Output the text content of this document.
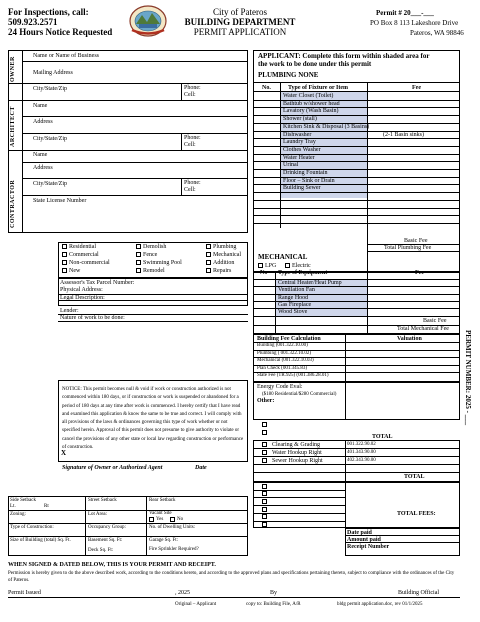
For Inspections, call:
509.923.2571
24 Hours Notice Requested
City of Pateros
BUILDING DEPARTMENT
PERMIT APPLICATION
Permit # 20___-___
PO Box 8 113 Lakeshore Drive
Pateros, WA 98846
OWNER
ARCHITECT
CONTRACTOR
Name or Name of Business
Mailing Address
City/State/Zip	Phone:
Cell:
Name
Address
City/State/Zip	Phone:
Cell:
Name
Address
City/State/Zip	Phone:
Cell:
State License Number
Residential	Demolish	Plumbing
Commercial	Fence	Mechanical
Non-commercial	Swimming Pool	Addition
New	Remodel	Repairs
Assessor's Tax Parcel Number:
Physical Address:
Legal Description:
Lender:
Nature of work to be done:
NOTICE: This permit becomes null & void if work or construction authorized is not commenced within 180 days, or if construction or work is suspended or abandoned for a period of 180 days at any time after work is commenced. I hereby certify that I have read and examined this application & know the same to be true and correct. I will comply with all provisions of the laws & ordinances governing this type of work whether or not specified herein. Approval of this permit does not presume to give authority to violate or cancel the provisions of any other state or local law regarding construction or performance of construction.
X
Signature of Owner or Authorized Agent	Date
APPLICANT: Complete this form within shaded area for
the work to be done under this permit
PLUMBING NONE
No.	Type of Fixture or Item	Fee
Water Closet (Toilet)
Bathtub w/shower head
Lavatory (Wash Basin)
Shower (stall)
Kitchen Sink & Disposal (3 Basins)
Dishwasher
Laundry Tray
Clothes Washer
Water Heater
Urinal
Drinking Fountain
Floor – Sink or Drain
Building Sewer
(2-1 Basin sinks)
Basic Fee
Total Plumbing Fee
MECHANICAL
LPG	Electric
No Type of Equipment	Fee
Central Heater/Heat Pump
Ventilation Fan
Range Hood
Gas Fireplace
Wood Stove
Basic Fee
Total Mechanical Fee
Building Fee Calculation	Valuation
Building (001.322.10.00)
Plumbing ( 001.322.10.02)
Mechanical (001.322.10.03)
Plan Check (001.345.83)
State Fee (TR.925) (001.386.28.01)
Energy Code Eval:
($180 Residential/$280 Commercial)
Other:
TOTAL
Clearing & Grading	001.322.90.02
Water Hookup Right	401.343.90.00
Sewer Hookup Right	402.343.90.00
TOTAL
TOTAL FEES:
Date paid
Amount paid
Receipt Number
Side Setback
Lt.	Rt
Street Setback	Rear Setback
Zoning:	Lot Area:	Vacant Site
Yes	No
Type of Construction:	Occupancy Group:	No. of Dwelling Units:
Size of Building (total) Sq. Ft.	Basement Sq. Ft:	Garage Sq. Ft:
Deck Sq. Ft:	Fire Sprinkler Required?
WHEN SIGNED & DATED BELOW, THIS IS YOUR PERMIT AND RECEIPT.
Permission is hereby given to do the above described work, according to the conditions hereto, and according to the approved plans and specifications pertaining thereto, subject to compliance with the ordinances of the City of Pateros.
Permit Issued	, 2025	By	Building Official
Original – Applicant	copy to: Building File, A/R	bldg permit application.doc, rev 01/1/2025
PERMIT NUMBER: 2025 - ___
